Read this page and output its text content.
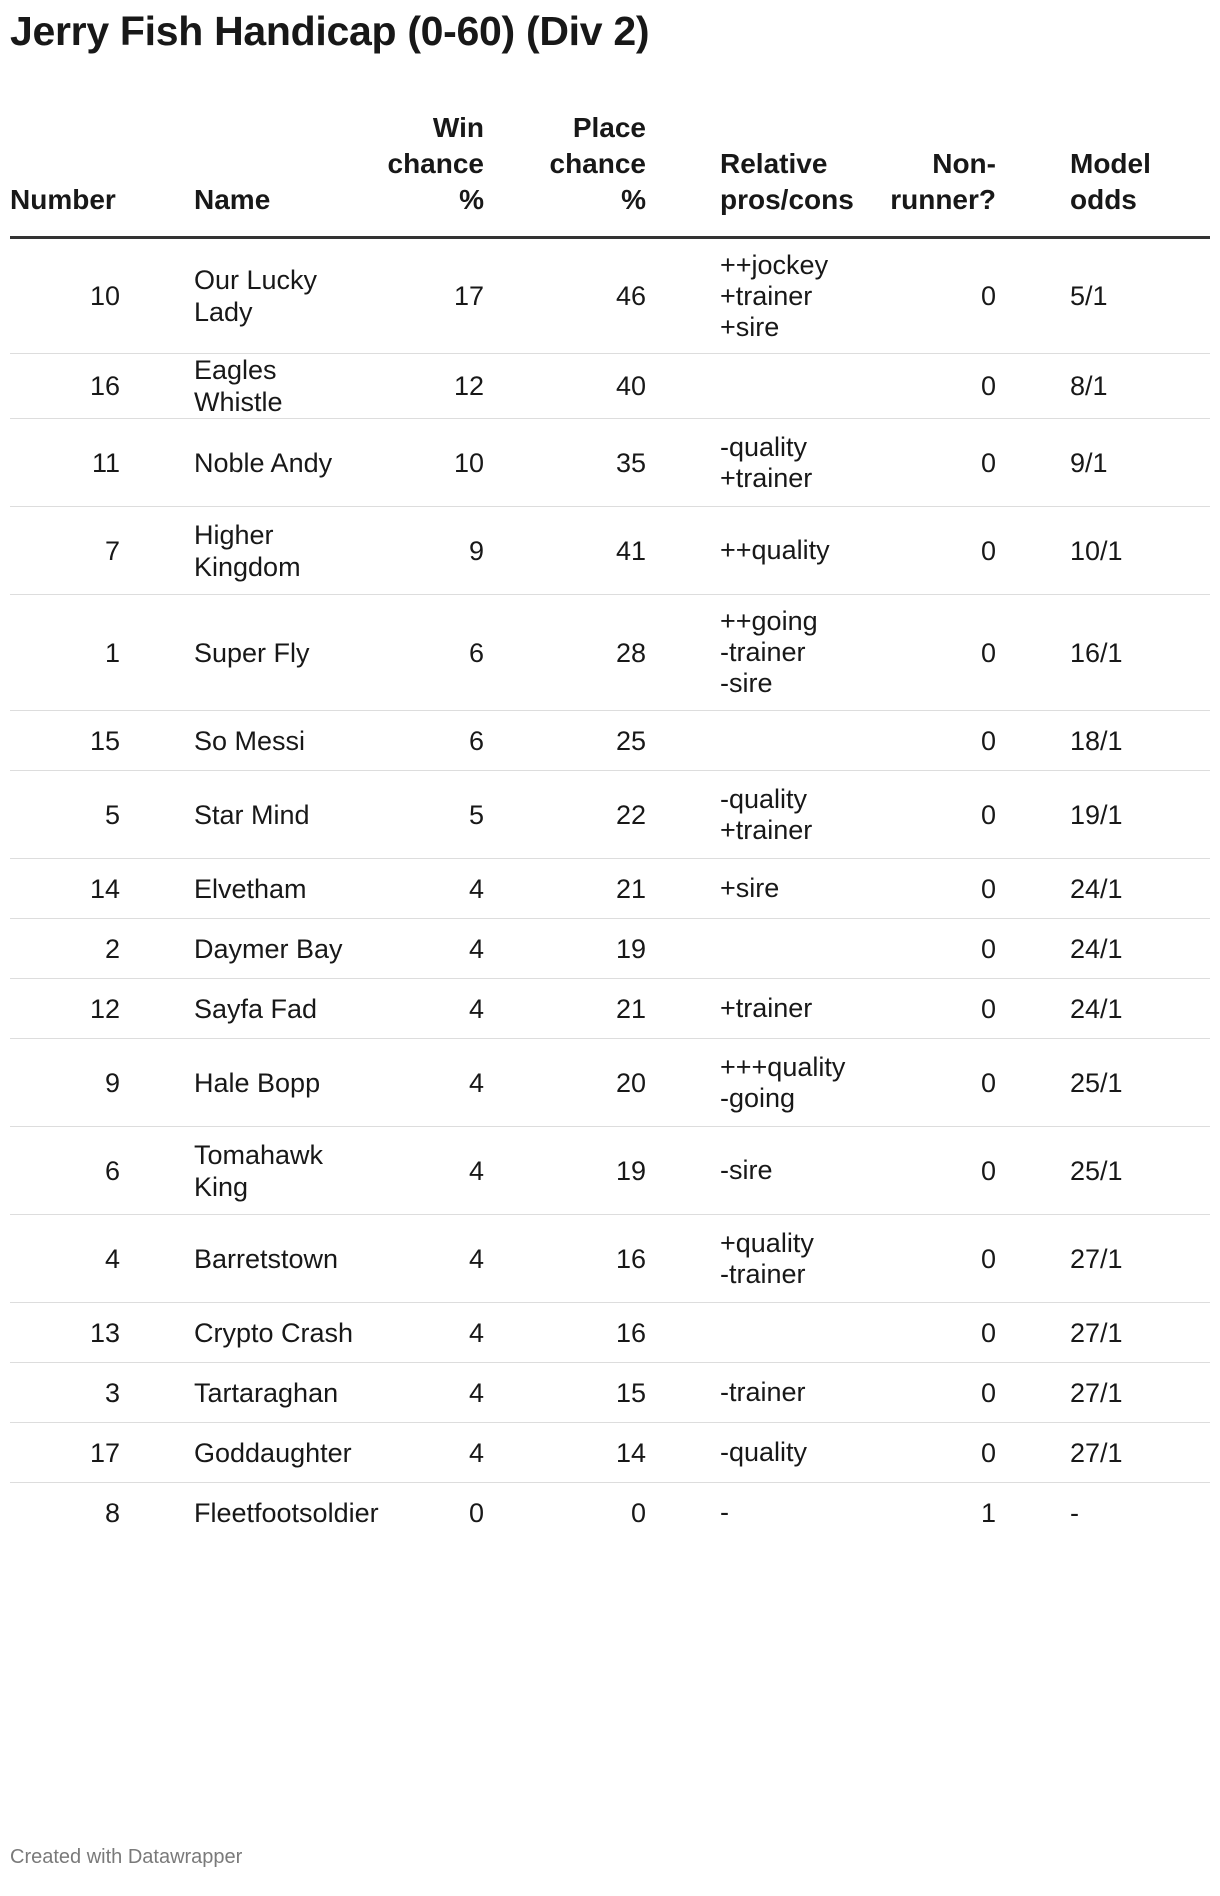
Jerry Fish Handicap (0-60) (Div 2)
Number	Name	Win
chance
%	Place
chance
%	Relative
pros/cons	Non-
runner?	Model
odds

10	Our Lucky Lady	17	46	++jockey
+trainer
+sire	0	5/1
16	Eagles Whistle	12	40		0	8/1
11	Noble Andy	10	35	-quality
+trainer	0	9/1
7	Higher Kingdom	9	41	++quality	0	10/1
1	Super Fly	6	28	++going
-trainer
-sire	0	16/1
15	So Messi	6	25		0	18/1
5	Star Mind	5	22	-quality
+trainer	0	19/1
14	Elvetham	4	21	+sire	0	24/1
2	Daymer Bay	4	19		0	24/1
12	Sayfa Fad	4	21	+trainer	0	24/1
9	Hale Bopp	4	20	+++quality
-going	0	25/1
6	Tomahawk King	4	19	-sire	0	25/1
4	Barretstown	4	16	+quality
-trainer	0	27/1
13	Crypto Crash	4	16		0	27/1
3	Tartaraghan	4	15	-trainer	0	27/1
17	Goddaughter	4	14	-quality	0	27/1
8	Fleetfootsoldier	0	0	-	1	-
Created with Datawrapper
